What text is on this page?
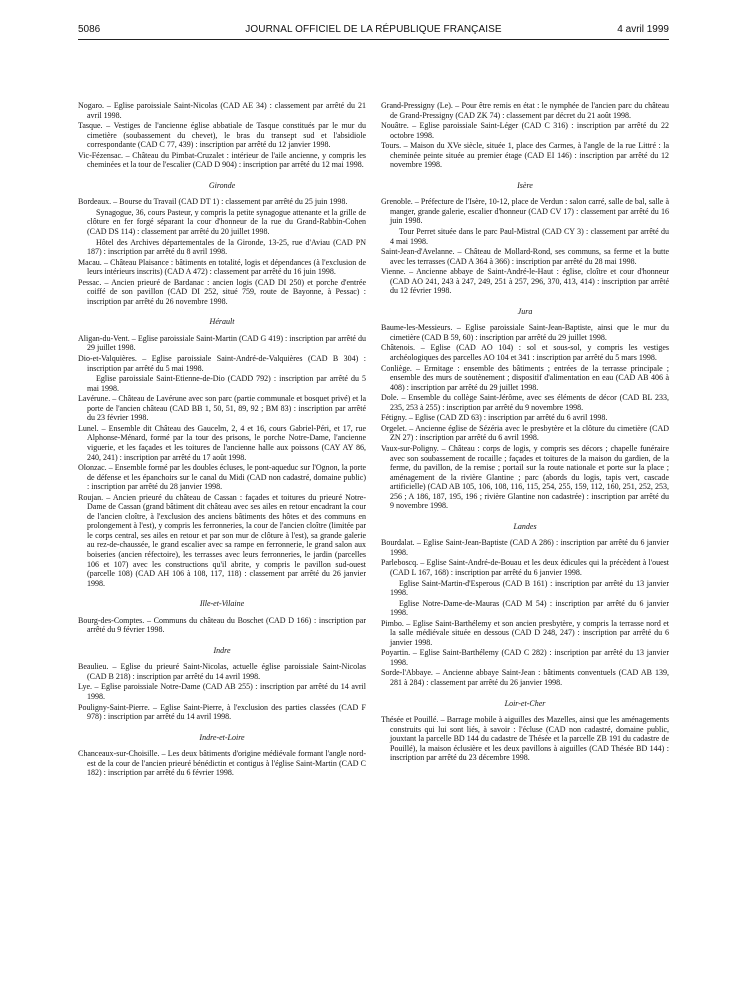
5086	JOURNAL OFFICIEL DE LA RÉPUBLIQUE FRANÇAISE	4 avril 1999

Nogaro. – Eglise paroissiale Saint-Nicolas (CAD AE 34) : classement par arrêté du 21 avril 1998.

Tasque. – Vestiges de l'ancienne église abbatiale de Tasque constitués par le mur du cimetière (soubassement du chevet), le bras du transept sud et l'absidiole correspondante (CAD C 77, 439) : inscription par arrêté du 12 janvier 1998.

Vic-Fézensac. – Château du Pimbat-Cruzalet : intérieur de l'aile ancienne, y compris les cheminées et la tour de l'escalier (CAD D 904) : inscription par arrêté du 12 mai 1998.

Gironde

Bordeaux. – Bourse du Travail (CAD DT 1) : classement par arrêté du 25 juin 1998.

Synagogue, 36, cours Pasteur, y compris la petite synagogue attenante et la grille de clôture en fer forgé séparant la cour d'honneur de la rue du Grand-Rabbin-Cohen (CAD DS 114) : classement par arrêté du 20 juillet 1998.

Hôtel des Archives départementales de la Gironde, 13-25, rue d'Aviau (CAD PN 187) : inscription par arrêté du 8 avril 1998.

Macau. – Château Plaisance : bâtiments en totalité, logis et dépendances (à l'exclusion de leurs intérieurs inscrits) (CAD A 472) : classement par arrêté du 16 juin 1998.

Pessac. – Ancien prieuré de Bardanac : ancien logis (CAD DI 250) et porche d'entrée coiffé de son pavillon (CAD DI 252, situé 759, route de Bayonne, à Pessac) : inscription par arrêté du 26 novembre 1998.

Hérault

Aligan-du-Vent. – Eglise paroissiale Saint-Martin (CAD G 419) : inscription par arrêté du 29 juillet 1998.

Dio-et-Valquières. – Eglise paroissiale Saint-André-de-Valquières (CAD B 304) : inscription par arrêté du 5 mai 1998.

Eglise paroissiale Saint-Etienne-de-Dio (CADD 792) : inscription par arrêté du 5 mai 1998.

Lavérune. – Château de Lavérune avec son parc (partie communale et bosquet privé) et la porte de l'ancien château (CAD BB 1, 50, 51, 89, 92 ; BM 83) : inscription par arrêté du 23 février 1998.

Lunel. – Ensemble dit Château des Gaucelm, 2, 4 et 16, cours Gabriel-Péri, et 17, rue Alphonse-Ménard, formé par la tour des prisons, le porche Notre-Dame, l'ancienne viguerie, et les façades et les toitures de l'ancienne halle aux poissons (CAY AY 86, 240, 241) : inscription par arrêté du 17 août 1998.

Olonzac. – Ensemble formé par les doubles écluses, le pont-aqueduc sur l'Ognon, la porte de défense et les épanchoirs sur le canal du Midi (CAD non cadastré, domaine public) : inscription par arrêté du 28 janvier 1998.

Roujan. – Ancien prieuré du château de Cassan : façades et toitures du prieuré Notre-Dame de Cassan (grand bâtiment dit château avec ses ailes en retour encadrant la cour de l'ancien cloître, à l'exclusion des anciens bâtiments des hôtes et des communs en prolongement à l'est), y compris les ferronneries, la cour de l'ancien cloître (limitée par le corps central, ses ailes en retour et par son mur de clôture à l'est), sa grande galerie au rez-de-chaussée, le grand escalier avec sa rampe en ferronnerie, le grand salon aux boiseries (ancien réfectoire), les terrasses avec leurs ferronneries, le jardin (parcelles 106 et 107) avec les constructions qu'il abrite, y compris le pavillon sud-ouest (parcelle 108) (CAD AH 106 à 108, 117, 118) : classement par arrêté du 26 janvier 1998.

Ille-et-Vilaine

Bourg-des-Comptes. – Communs du château du Boschet (CAD D 166) : inscription par arrêté du 9 février 1998.

Indre

Beaulieu. – Eglise du prieuré Saint-Nicolas, actuelle église paroissiale Saint-Nicolas (CAD B 218) : inscription par arrêté du 14 avril 1998.

Lye. – Eglise paroissiale Notre-Dame (CAD AB 255) : inscription par arrêté du 14 avril 1998.

Pouligny-Saint-Pierre. – Eglise Saint-Pierre, à l'exclusion des parties classées (CAD F 978) : inscription par arrêté du 14 avril 1998.

Indre-et-Loire

Chanceaux-sur-Choisille. – Les deux bâtiments d'origine médiévale formant l'angle nord-est de la cour de l'ancien prieuré bénédictin et contigus à l'église Saint-Martin (CAD C 182) : inscription par arrêté du 6 février 1998.

Grand-Pressigny (Le). – Pour être remis en état : le nymphée de l'ancien parc du château de Grand-Pressigny (CAD ZK 74) : classement par décret du 21 août 1998.

Nouâtre. – Eglise paroissiale Saint-Léger (CAD C 316) : inscription par arrêté du 22 octobre 1998.

Tours. – Maison du XVe siècle, située 1, place des Carmes, à l'angle de la rue Littré : la cheminée peinte située au premier étage (CAD EI 146) : inscription par arrêté du 12 novembre 1998.

Isère

Grenoble. – Préfecture de l'Isère, 10-12, place de Verdun : salon carré, salle de bal, salle à manger, grande galerie, escalier d'honneur (CAD CV 17) : classement par arrêté du 16 juin 1998.

Tour Perret située dans le parc Paul-Mistral (CAD CY 3) : classement par arrêté du 4 mai 1998.

Saint-Jean-d'Avelanne. – Château de Mollard-Rond, ses communs, sa ferme et la butte avec les terrasses (CAD A 364 à 366) : inscription par arrêté du 28 mai 1998.

Vienne. – Ancienne abbaye de Saint-André-le-Haut : église, cloître et cour d'honneur (CAD AO 241, 243 à 247, 249, 251 à 257, 296, 370, 413, 414) : inscription par arrêté du 12 février 1998.

Jura

Baume-les-Messieurs. – Eglise paroissiale Saint-Jean-Baptiste, ainsi que le mur du cimetière (CAD B 59, 60) : inscription par arrêté du 29 juillet 1998.

Châtenois. – Eglise (CAD AO 104) : sol et sous-sol, y compris les vestiges archéologiques des parcelles AO 104 et 341 : inscription par arrêté du 5 mars 1998.

Conliège. – Ermitage : ensemble des bâtiments ; entrées de la terrasse principale ; ensemble des murs de soutènement ; dispositif d'alimentation en eau (CAD AB 406 à 408) : inscription par arrêté du 29 juillet 1998.

Dole. – Ensemble du collège Saint-Jérôme, avec ses éléments de décor (CAD BL 233, 235, 253 à 255) : inscription par arrêté du 9 novembre 1998.

Fétigny. – Eglise (CAD ZD 63) : inscription par arrêté du 6 avril 1998.

Orgelet. – Ancienne église de Sézéria avec le presbytère et la clôture du cimetière (CAD ZN 27) : inscription par arrêté du 6 avril 1998.

Vaux-sur-Poligny. – Château : corps de logis, y compris ses décors ; chapelle funéraire avec son soubassement de rocaille ; façades et toitures de la maison du gardien, de la ferme, du pavillon, de la remise ; portail sur la route nationale et porte sur la place ; aménagement de la rivière Glantine ; parc (abords du logis, tapis vert, cascade artificielle) (CAD AB 105, 106, 108, 116, 115, 254, 255, 159, 112, 160, 251, 252, 253, 256 ; A 186, 187, 195, 196 ; rivière Glantine non cadastrée) : inscription par arrêté du 9 novembre 1998.

Landes

Bourdalat. – Eglise Saint-Jean-Baptiste (CAD A 286) : inscription par arrêté du 6 janvier 1998.

Parleboscq. – Eglise Saint-André-de-Bouau et les deux édicules qui la précèdent à l'ouest (CAD L 167, 168) : inscription par arrêté du 6 janvier 1998.

Eglise Saint-Martin-d'Esperous (CAD B 161) : inscription par arrêté du 13 janvier 1998.

Eglise Notre-Dame-de-Mauras (CAD M 54) : inscription par arrêté du 6 janvier 1998.

Pimbo. – Eglise Saint-Barthélemy et son ancien presbytère, y compris la terrasse nord et la salle médiévale située en dessous (CAD D 248, 247) : inscription par arrêté du 6 janvier 1998.

Poyartin. – Eglise Saint-Barthélemy (CAD C 282) : inscription par arrêté du 13 janvier 1998.

Sorde-l'Abbaye. – Ancienne abbaye Saint-Jean : bâtiments conventuels (CAD AB 139, 281 à 284) : classement par arrêté du 26 janvier 1998.

Loir-et-Cher

Thésée et Pouillé. – Barrage mobile à aiguilles des Mazelles, ainsi que les aménagements construits qui lui sont liés, à savoir : l'écluse (CAD non cadastré, domaine public, jouxtant la parcelle BD 144 du cadastre de Thésée et la parcelle ZB 191 du cadastre de Pouillé), la maison éclusière et les deux pavillons à aiguilles (CAD Thésée BD 144) : inscription par arrêté du 23 décembre 1998.
